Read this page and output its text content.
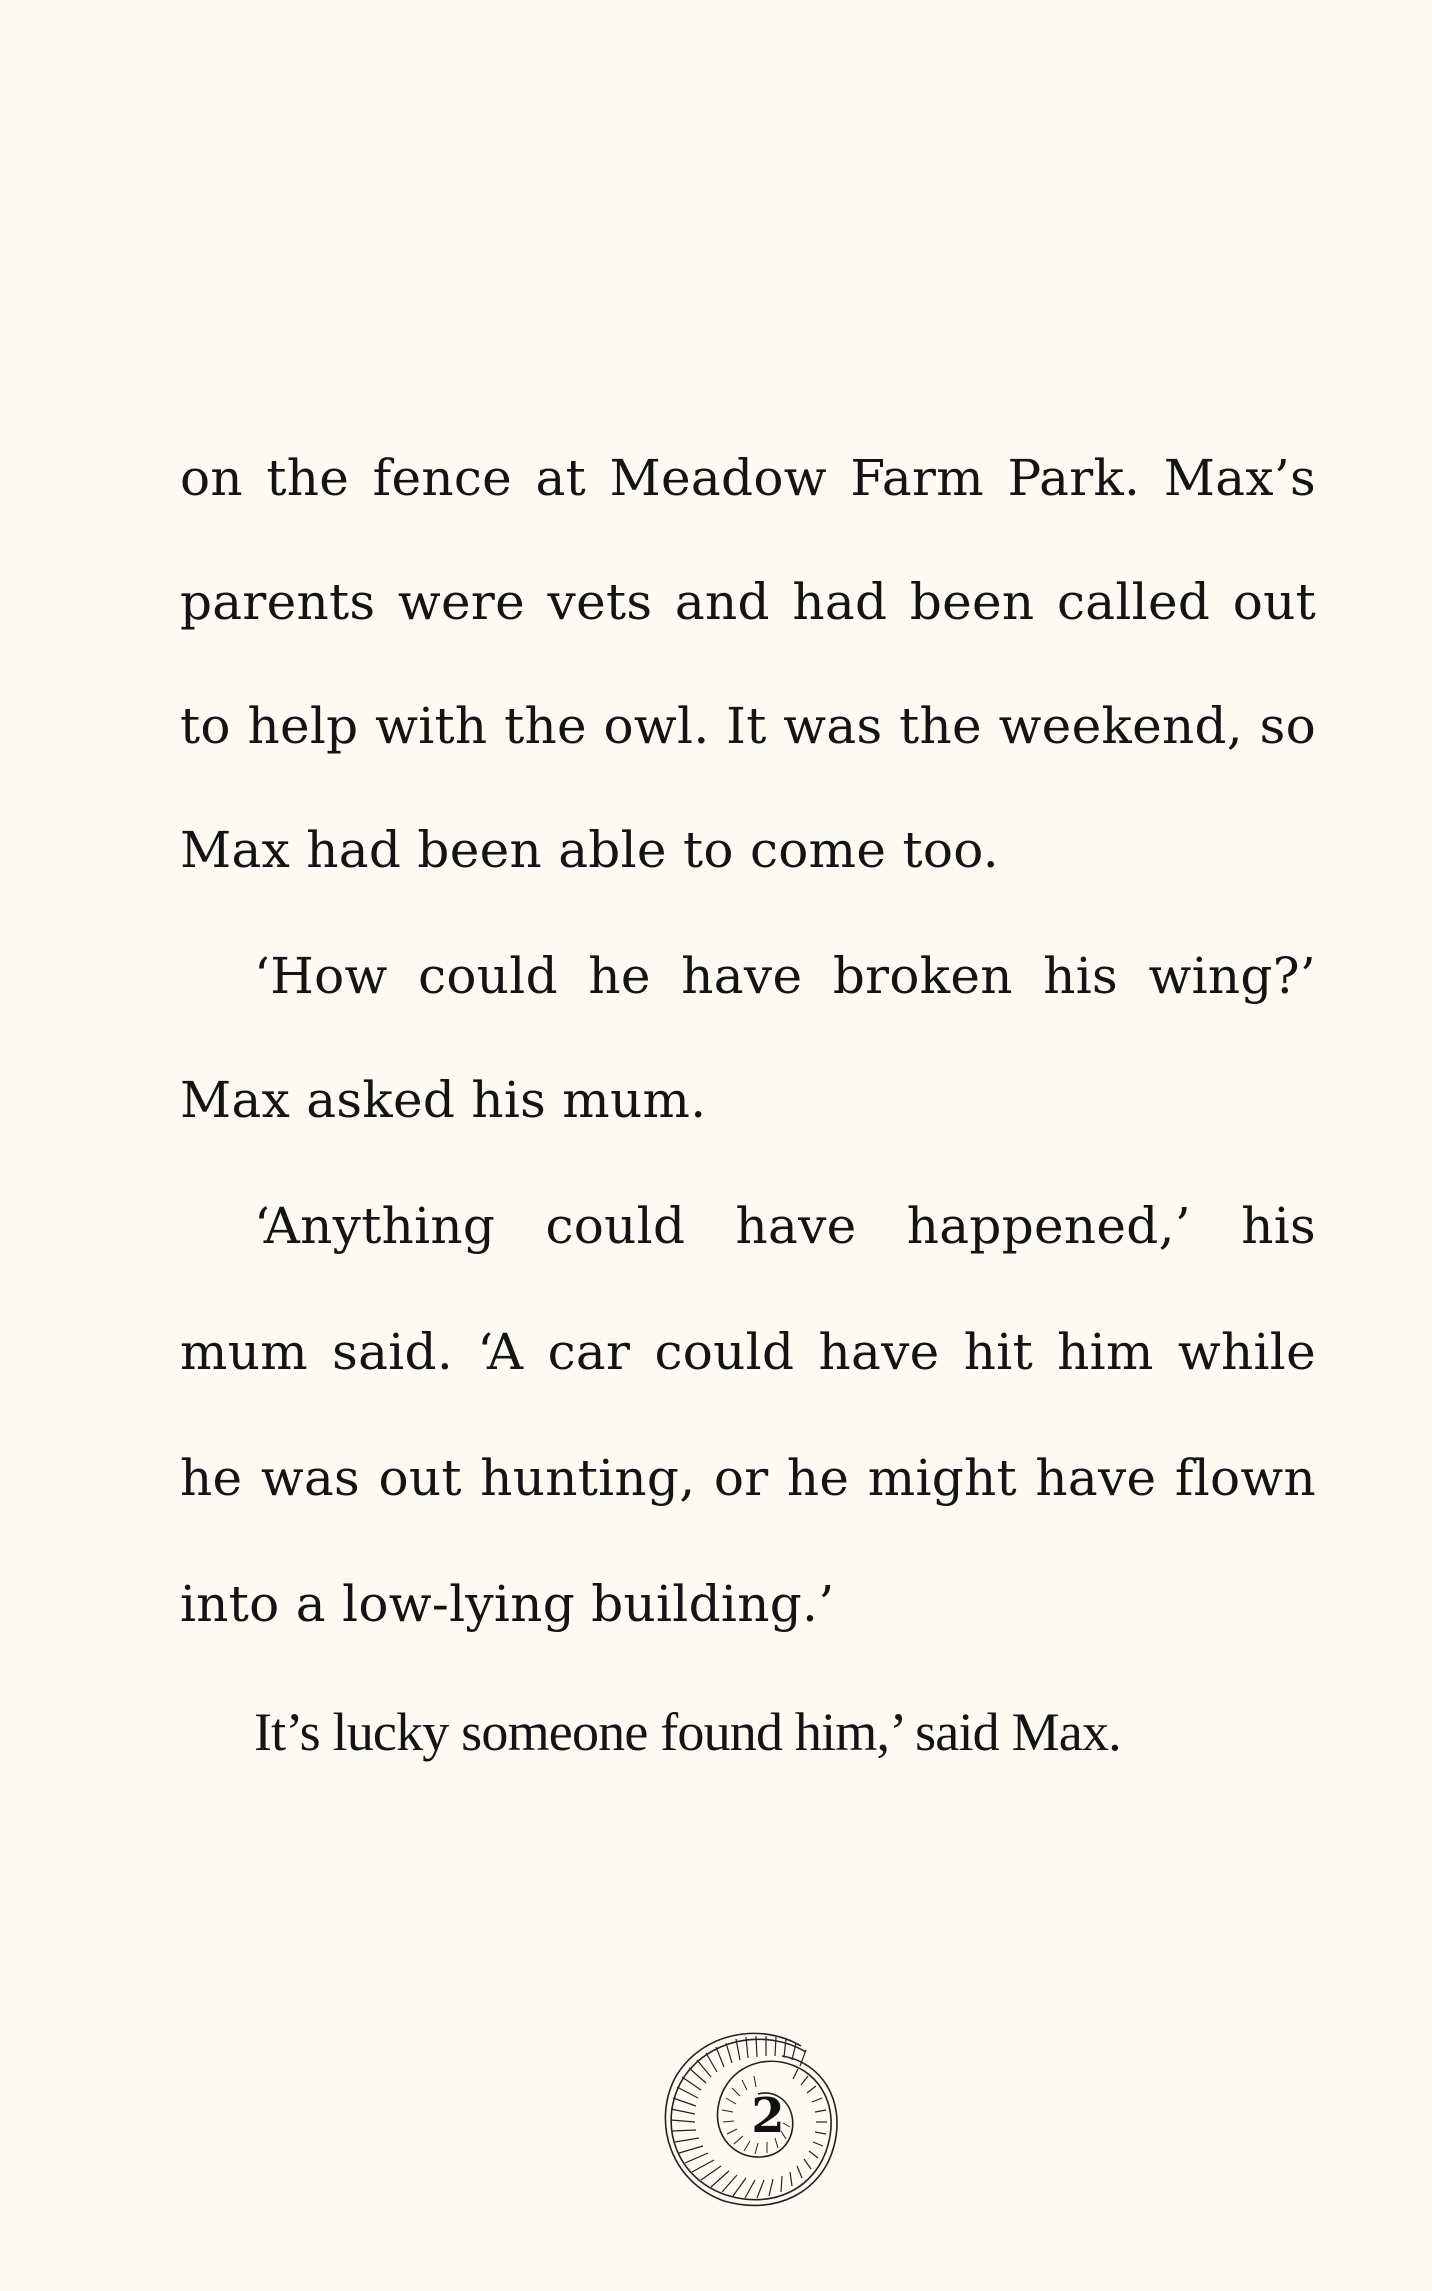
on the fence at Meadow Farm Park. Max’s
parents were vets and had been called out
to help with the owl. It was the weekend, so
Max had been able to come too.
‘How could he have broken his wing?’
Max asked his mum.
‘Anything could have happened,’ his
mum said. ‘A car could have hit him while
he was out hunting, or he might have flown
into a low-lying building.’
It’s lucky someone found him,’ said Max.
2
